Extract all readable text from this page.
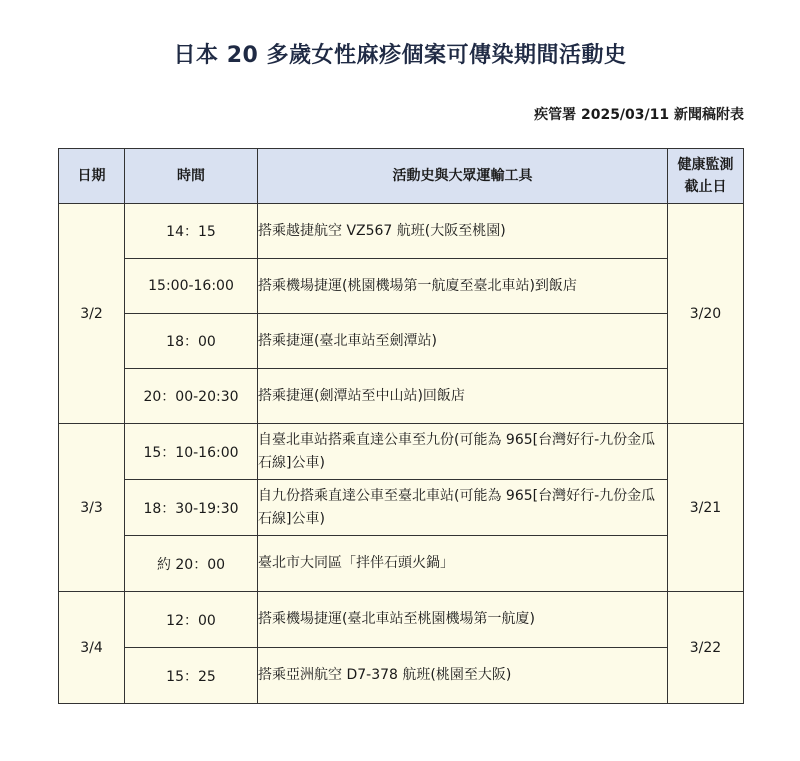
日本 20 多歲女性麻疹個案可傳染期間活動史
疾管署 2025/03/11 新聞稿附表
日期	時間	活動史與大眾運輸工具	健康監測
截止日

3/2	14：15	搭乘越捷航空 VZ567 航班(大阪至桃園)	3/20
	15:00-16:00	搭乘機場捷運(桃園機場第一航廈至臺北車站)到飯店	
	18：00	搭乘捷運(臺北車站至劍潭站)	
	20：00-20:30	搭乘捷運(劍潭站至中山站)回飯店	
3/3	15：10-16:00	自臺北車站搭乘直達公車至九份(可能為 965[台灣好行-九份金瓜石線]公車)	3/21
	18：30-19:30	自九份搭乘直達公車至臺北車站(可能為 965[台灣好行-九份金瓜石線]公車)	
	約 20：00	臺北市大同區「拌伴石頭火鍋」	
3/4	12：00	搭乘機場捷運(臺北車站至桃園機場第一航廈)	3/22
	15：25	搭乘亞洲航空 D7-378 航班(桃園至大阪)	
